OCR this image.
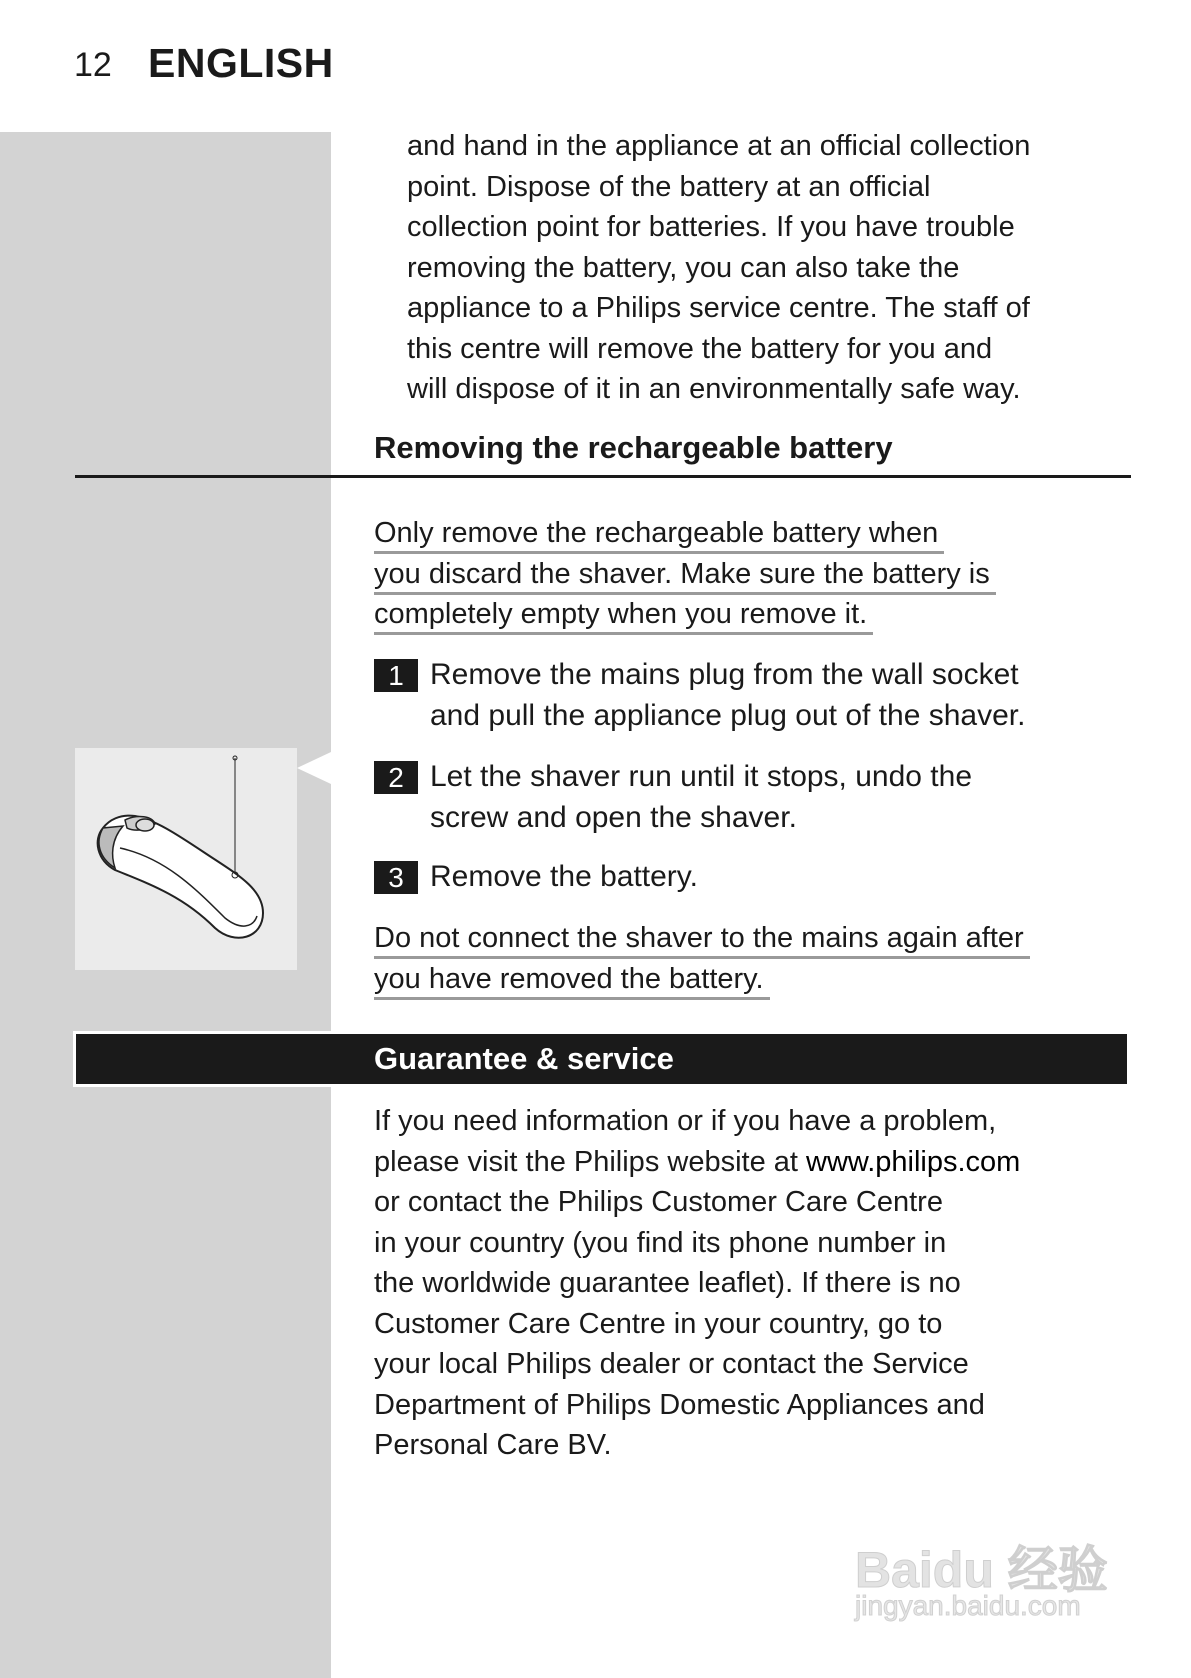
12 ENGLISH
and hand in the appliance at an official collection
point. Dispose of the battery at an official
collection point for batteries. If you have trouble
removing the battery, you can also take the
appliance to a Philips service centre. The staff of
this centre will remove the battery for you and
will dispose of it in an environmentally safe way.
Removing the rechargeable battery
Only remove the rechargeable battery when
you discard the shaver. Make sure the battery is
completely empty when you remove it.
1 Remove the mains plug from the wall socket
and pull the appliance plug out of the shaver.
2 Let the shaver run until it stops, undo the
screw and open the shaver.
3 Remove the battery.
Do not connect the shaver to the mains again after
you have removed the battery.
Guarantee & service
If you need information or if you have a problem,
please visit the Philips website at www.philips.com
or contact the Philips Customer Care Centre
in your country (you find its phone number in
the worldwide guarantee leaflet). If there is no
Customer Care Centre in your country, go to
your local Philips dealer or contact the Service
Department of Philips Domestic Appliances and
Personal Care BV.
Baidu 经验
jingyan.baidu.com
